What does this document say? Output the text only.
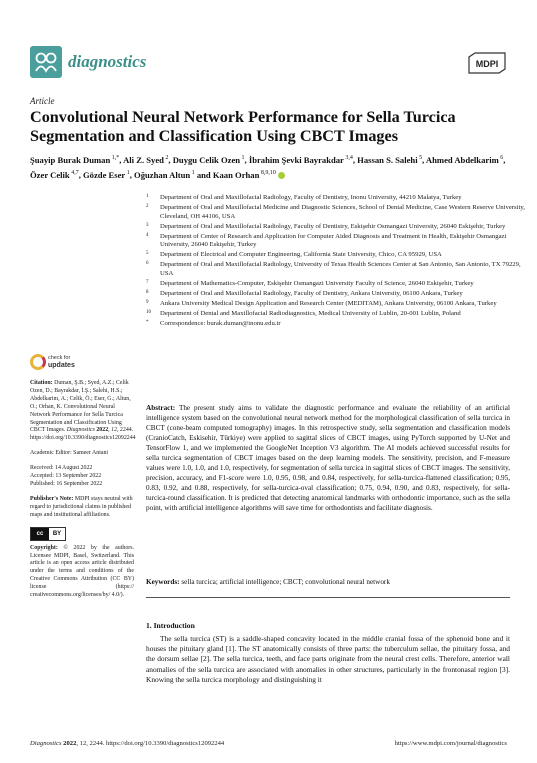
diagnostics	MDPI
Article
Convolutional Neural Network Performance for Sella Turcica Segmentation and Classification Using CBCT Images
Şuayip Burak Duman $^{1,*}$, Ali Z. Syed $^2$, Duygu Celik Ozen $^1$, İbrahim Şevki Bayrakdar $^{3,4}$, Hassan S. Salehi $^5$, Ahmed Abdelkarim $^6$, Özer Celik $^{4,7}$, Gözde Eser $^1$, Oğuzhan Altun $^1$ and Kaan Orhan $^{8,9,10}$
1 Department of Oral and Maxillofacial Radiology, Faculty of Dentistry, Inonu University, 44210 Malatya, Turkey
2 Department of Oral and Maxillofacial Medicine and Diagnostic Sciences, School of Dental Medicine, Case Western Reserve University, Cleveland, OH 44106, USA
3 Department of Oral and Maxillofacial Radiology, Faculty of Dentistry, Eskişehir Osmangazi University, 26040 Eskişehir, Turkey
4 Department of Center of Research and Application for Computer Aided Diagnosis and Treatment in Health, Eskişehir Osmangazi University, 26040 Eskişehir, Turkey
5 Department of Electrical and Computer Engineering, California State University, Chico, CA 95929, USA
6 Department of Oral and Maxillofacial Radiology, University of Texas Health Sciences Center at San Antonio, San Antonio, TX 79229, USA
7 Department of Mathematics-Computer, Eskişehir Osmangazi University Faculty of Science, 26040 Eskişehir, Turkey
8 Department of Oral and Maxillofacial Radiology, Faculty of Dentistry, Ankara University, 06100 Ankara, Turkey
9 Ankara University Medical Design Application and Research Center (MEDITAM), Ankara University, 06100 Ankara, Turkey
10 Department of Dental and Maxillofacial Radiodiagnostics, Medical University of Lublin, 20-001 Lublin, Poland
* Correspondence: burak.duman@inonu.edu.tr
check for
updates
Citation: Duman, Ş.B.; Syed, A.Z.; Celik Ozen, D.; Bayrakdar, İ.Ş.; Salehi, H.S.; Abdelkarim, A.; Celik, Ö.; Eser, G.; Altun, O.; Orhan, K. Convolutional Neural Network Performance for Sella Turcica Segmentation and Classification Using CBCT Images. Diagnostics 2022, 12, 2244. https://doi.org/10.3390/diagnostics12092244
Academic Editor: Sameer Antani
Received: 14 August 2022
Accepted: 13 September 2022
Published: 16 September 2022
Publisher's Note: MDPI stays neutral with regard to jurisdictional claims in published maps and institutional affiliations.
cc	BY
Copyright: © 2022 by the authors. Licensee MDPI, Basel, Switzerland. This article is an open access article distributed under the terms and conditions of the Creative Commons Attribution (CC BY) license (https:// creativecommons.org/licenses/by/ 4.0/).
Abstract: The present study aims to validate the diagnostic performance and evaluate the reliability of an artificial intelligence system based on the convolutional neural network method for the morphological classification of sella turcica in CBCT (cone-beam computed tomography) images. In this retrospective study, sella segmentation and classification models (CranioCatch, Eskisehir, Türkiye) were applied to sagittal slices of CBCT images, using PyTorch supported by U-Net and TensorFlow 1, and we implemented the GoogleNet Inception V3 algorithm. The AI models achieved successful results for sella turcica segmentation of CBCT images based on the deep learning models. The sensitivity, precision, and F-measure values were 1.0, 1.0, and 1.0, respectively, for segmentation of sella turcica in sagittal slices of CBCT images. The sensitivity, precision, accuracy, and F1-score were 1.0, 0.95, 0.98, and 0.84, respectively, for sella-turcica-flattened classification; 0.95, 0.83, 0.92, and 0.88, respectively, for sella-turcica-oval classification; 0.75, 0.94, 0.90, and 0.83, respectively, for sella-turcica-round classification. It is predicted that detecting anatomical landmarks with orthodontic importance, such as the sella point, with artificial intelligence algorithms will save time for orthodontists and facilitate diagnosis.
Keywords: sella turcica; artificial intelligence; CBCT; convolutional neural network
1. Introduction

The sella turcica (ST) is a saddle-shaped concavity located in the middle cranial fossa of the sphenoid bone and it houses the pituitary gland [1]. The ST anatomically consists of three parts: the tuberculum sellae, the pituitary fossa, and the dorsum sellae [2]. The sella turcica, teeth, and face parts originate from the neural crest cells. Therefore, anterior wall anomalies of the sella turcica are associated with anomalies in other structures, particularly in the frontonasal region [3]. Knowing the sella turcica morphology and distinguishing it

Diagnostics 2022, 12, 2244. https://doi.org/10.3390/diagnostics12092244	https://www.mdpi.com/journal/diagnostics
